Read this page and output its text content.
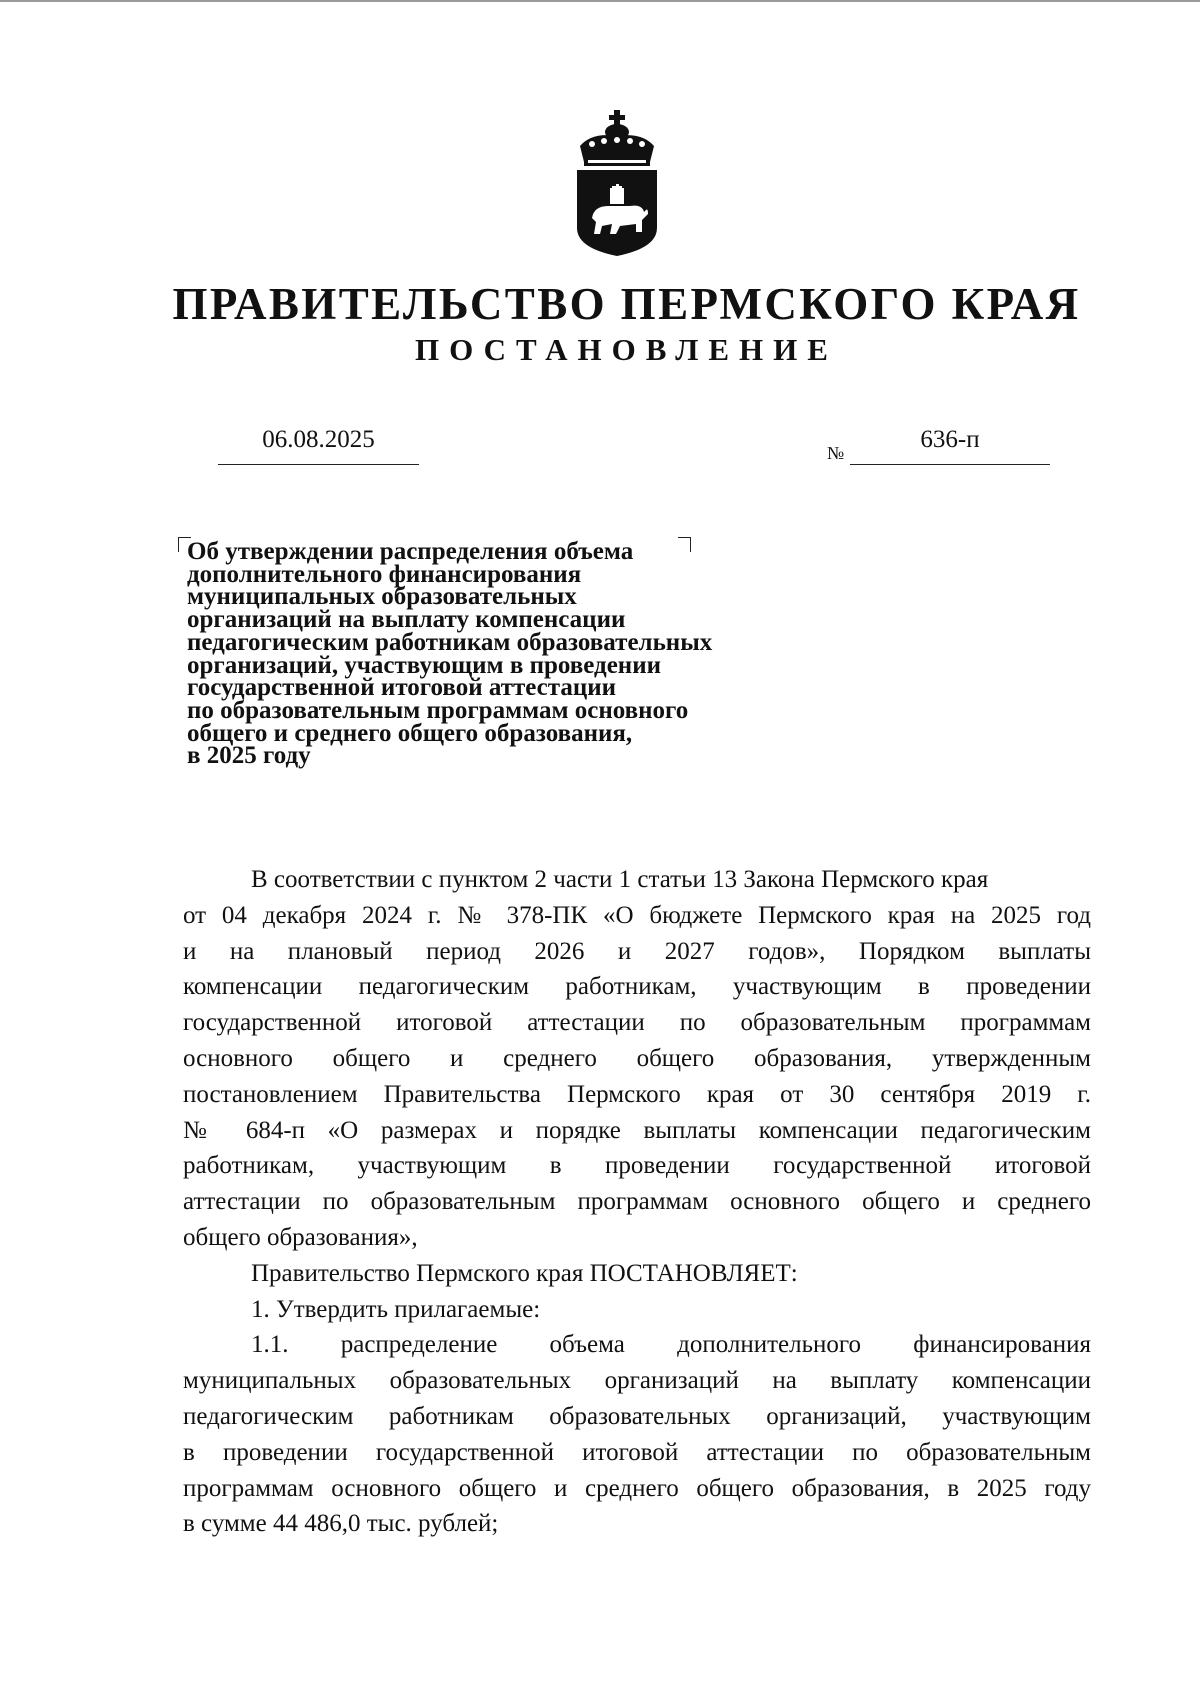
ПРАВИТЕЛЬСТВО ПЕРМСКОГО КРАЯ
ПОСТАНОВЛЕНИЕ
06.08.2025	№	636-п
Об утверждении распределения объема
дополнительного финансирования
муниципальных образовательных
организаций на выплату компенсации
педагогическим работникам образовательных
организаций, участвующим в проведении
государственной итоговой аттестации
по образовательным программам основного
общего и среднего общего образования,
в 2025 году
В соответствии с пунктом 2 части 1 статьи 13 Закона Пермского края
от 04 декабря 2024 г. № 378-ПК «О бюджете Пермского края на 2025 год
и на плановый период 2026 и 2027 годов», Порядком выплаты
компенсации педагогическим работникам, участвующим в проведении
государственной итоговой аттестации по образовательным программам
основного общего и среднего общего образования, утвержденным
постановлением Правительства Пермского края от 30 сентября 2019 г.
№ 684-п «О размерах и порядке выплаты компенсации педагогическим
работникам, участвующим в проведении государственной итоговой
аттестации по образовательным программам основного общего и среднего
общего образования»,
Правительство Пермского края ПОСТАНОВЛЯЕТ:
1. Утвердить прилагаемые:
1.1. распределение объема дополнительного финансирования
муниципальных образовательных организаций на выплату компенсации
педагогическим работникам образовательных организаций, участвующим
в проведении государственной итоговой аттестации по образовательным
программам основного общего и среднего общего образования, в 2025 году
в сумме 44 486,0 тыс. рублей;
